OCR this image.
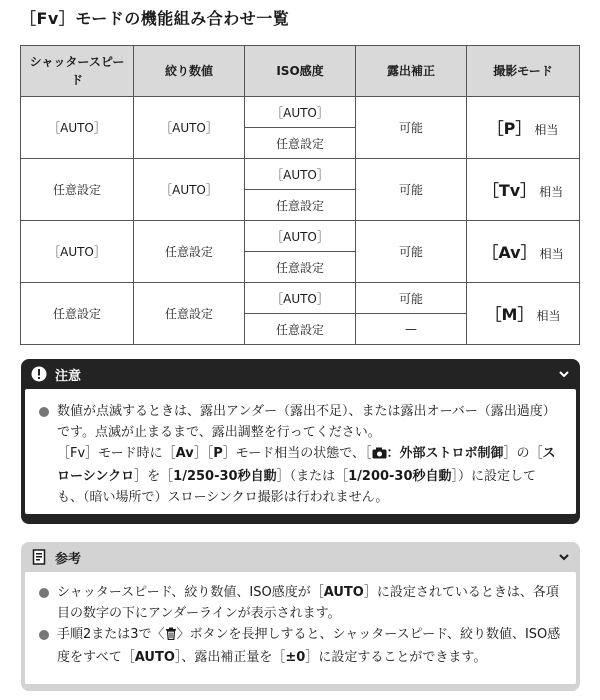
［Fv］モードの機能組み合わせ一覧
シャッタースピード	絞り数値	ISO感度	露出補正	撮影モード
［AUTO］	［AUTO］	［AUTO］	可能	［P］ 相当
		任意設定		
任意設定	［AUTO］	［AUTO］	可能	［Tv］ 相当
		任意設定		
［AUTO］	任意設定	［AUTO］	可能	［Av］ 相当
		任意設定		
任意設定	任意設定	［AUTO］	可能	［M］ 相当
		任意設定	—	
注意
数値が点滅するときは、露出アンダー（露出不足）、または露出オーバー（露出過度）です。点滅が止まるまで、露出調整を行ってください。
［Fv］モード時に［Av］［P］モード相当の状態で、［ ：外部ストロボ制御］の［スローシンクロ］を［1/250-30秒自動］（または［1/200-30秒自動］）に設定しても、（暗い場所で）スローシンクロ撮影は行われません。
参考
シャッタースピード、絞り数値、ISO感度が［AUTO］に設定されているときは、各項目の数字の下にアンダーラインが表示されます。
手順2または3で〈 〉ボタンを長押しすると、シャッタースピード、絞り数値、ISO感度をすべて［AUTO］、露出補正量を［±0］に設定することができます。
